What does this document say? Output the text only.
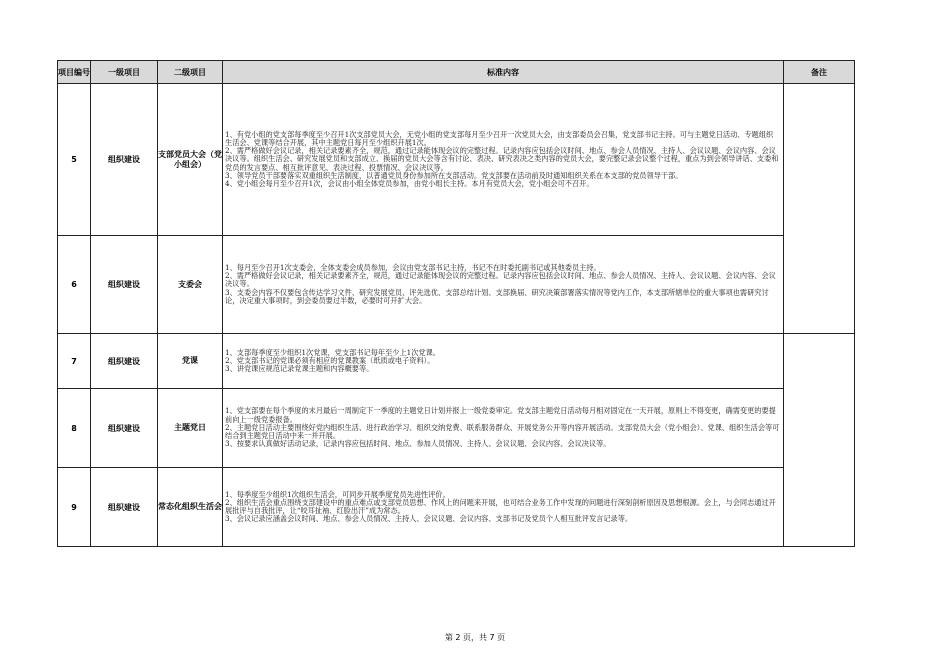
项目编号	一级项目	二级项目	标准内容	备注
5	组织建设	支部党员大会（党小组会）	1、有党小组的党支部每季度至少召开1次支部党员大会，无党小组的党支部每月至少召开一次党员大会，由支部委员会召集，党支部书记主持。可与主题党日活动、专题组织生活会、党课等结合开展，其中主题党日每月至少组织开展1次。
2、需严格做好会议记录，相关记录要素齐全，规范，通过记录能体现会议的完整过程。记录内容应包括会议时间、地点、参会人员情况、主持人、会议议题、会议内容、会议决议等。组织生活会、研究发展党员和支部成立、换届的党员大会等含有讨论、表决、研究表决之类内容的党员大会，要完整记录会议整个过程，重点为到会领导讲话、支委和党员的发言要点、相互批评意见、表决过程、投票情况、会议决议等。
3、领导党员干部要落实双重组织生活制度，以普通党员身份参加所在支部活动。党支部要在活动前及时通知组织关系在本支部的党员领导干部。
4、党小组会每月至少召开1次，会议由小组全体党员参加，由党小组长主持。本月有党员大会，党小组会可不召开。	

6	组织建设	支委会	1、每月至少召开1次支委会，全体支委会成员参加，会议由党支部书记主持，书记不在时委托副书记或其他委员主持。
2、需严格做好会议记录，相关记录要素齐全，规范，通过记录能体现会议的完整过程。记录内容应包括会议时间、地点、参会人员情况、主持人、会议议题、会议内容、会议决议等。
3、支委会内容不仅要包含传达学习文件、研究发展党员、评先选优、支部总结计划、支部换届、研究决策部署落实情况等党内工作，本支部所辖单位的重大事项也需研究讨论，决定重大事项时，到会委员要过半数，必要时可开扩大会。	

7	组织建设	党课	1、支部每季度至少组织1次党课，党支部书记每年至少上1次党课。
2、党支部书记的党课必须有相应的党课教案（纸质或电子资料）。
3、讲党课应规范记录党课主题和内容概要等。	

8	组织建设	主题党日	1、党支部要在每个季度的末月最后一周制定下一季度的主题党日计划并报上一级党委审定。党支部主题党日活动每月相对固定在一天开展，原则上不得变更，确需变更的要提前向上一级党委报备。
2、主题党日活动主要围绕好党内组织生活、进行政治学习、组织交纳党费、联系服务群众、开展党务公开等内容开展活动。支部党员大会（党小组会）、党课、组织生活会等可结合到主题党日活动中来一并开展。
3、按要求认真做好活动记录，记录内容应包括时间、地点、参加人员情况、主持人、会议议题、会议内容、会议决议等。	

9	组织建设	常态化组织生活会	1、每季度至少组织1次组织生活会，可同步开展季度党员先进性评价。
2、组织生活会重点围绕支部建设中的重点难点或支部党员思想、作风上的问题来开展，也可结合业务工作中发现的问题进行深刻剖析原因及思想根源。会上，与会同志通过开展批评与自我批评，让“咬耳扯袖、红脸出汗”成为常态。
3、会议记录应涵盖会议时间、地点、参会人员情况、主持人、会议议题、会议内容、支部书记及党员个人相互批评发言记录等。	
第 2 页，共 7 页
